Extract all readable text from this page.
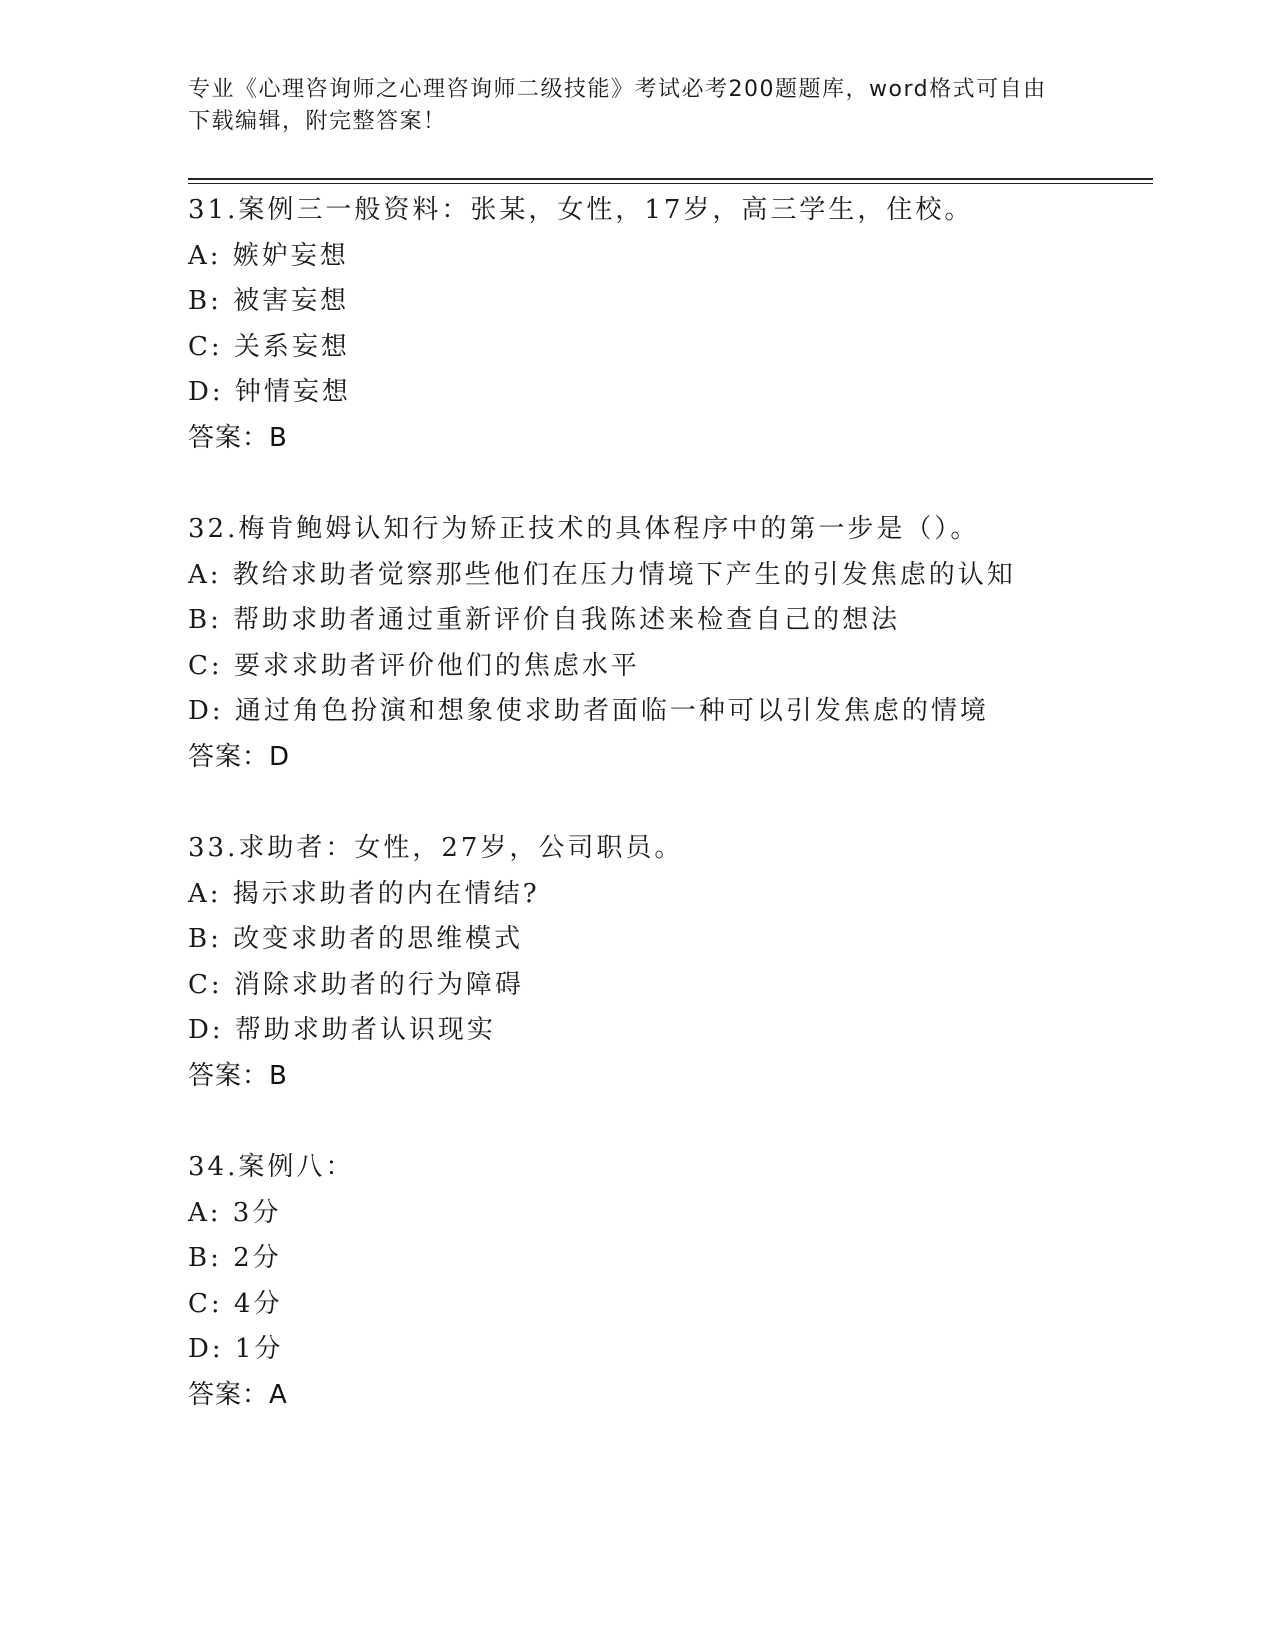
专业《心理咨询师之心理咨询师二级技能》考试必考200题题库，word格式可自由下载编辑，附完整答案！
31.案例三一般资料：张某，女性，17岁，高三学生，住校。
A: 嫉妒妄想
B: 被害妄想
C: 关系妄想
D: 钟情妄想
答案：B
32.梅肯鲍姆认知行为矫正技术的具体程序中的第一步是（）。
A: 教给求助者觉察那些他们在压力情境下产生的引发焦虑的认知
B: 帮助求助者通过重新评价自我陈述来检查自己的想法
C: 要求求助者评价他们的焦虑水平
D: 通过角色扮演和想象使求助者面临一种可以引发焦虑的情境
答案：D
33.求助者：女性，27岁，公司职员。
A: 揭示求助者的内在情结?
B: 改变求助者的思维模式
C: 消除求助者的行为障碍
D: 帮助求助者认识现实
答案：B
34.案例八：
A: 3分
B: 2分
C: 4分
D: 1分
答案：A
